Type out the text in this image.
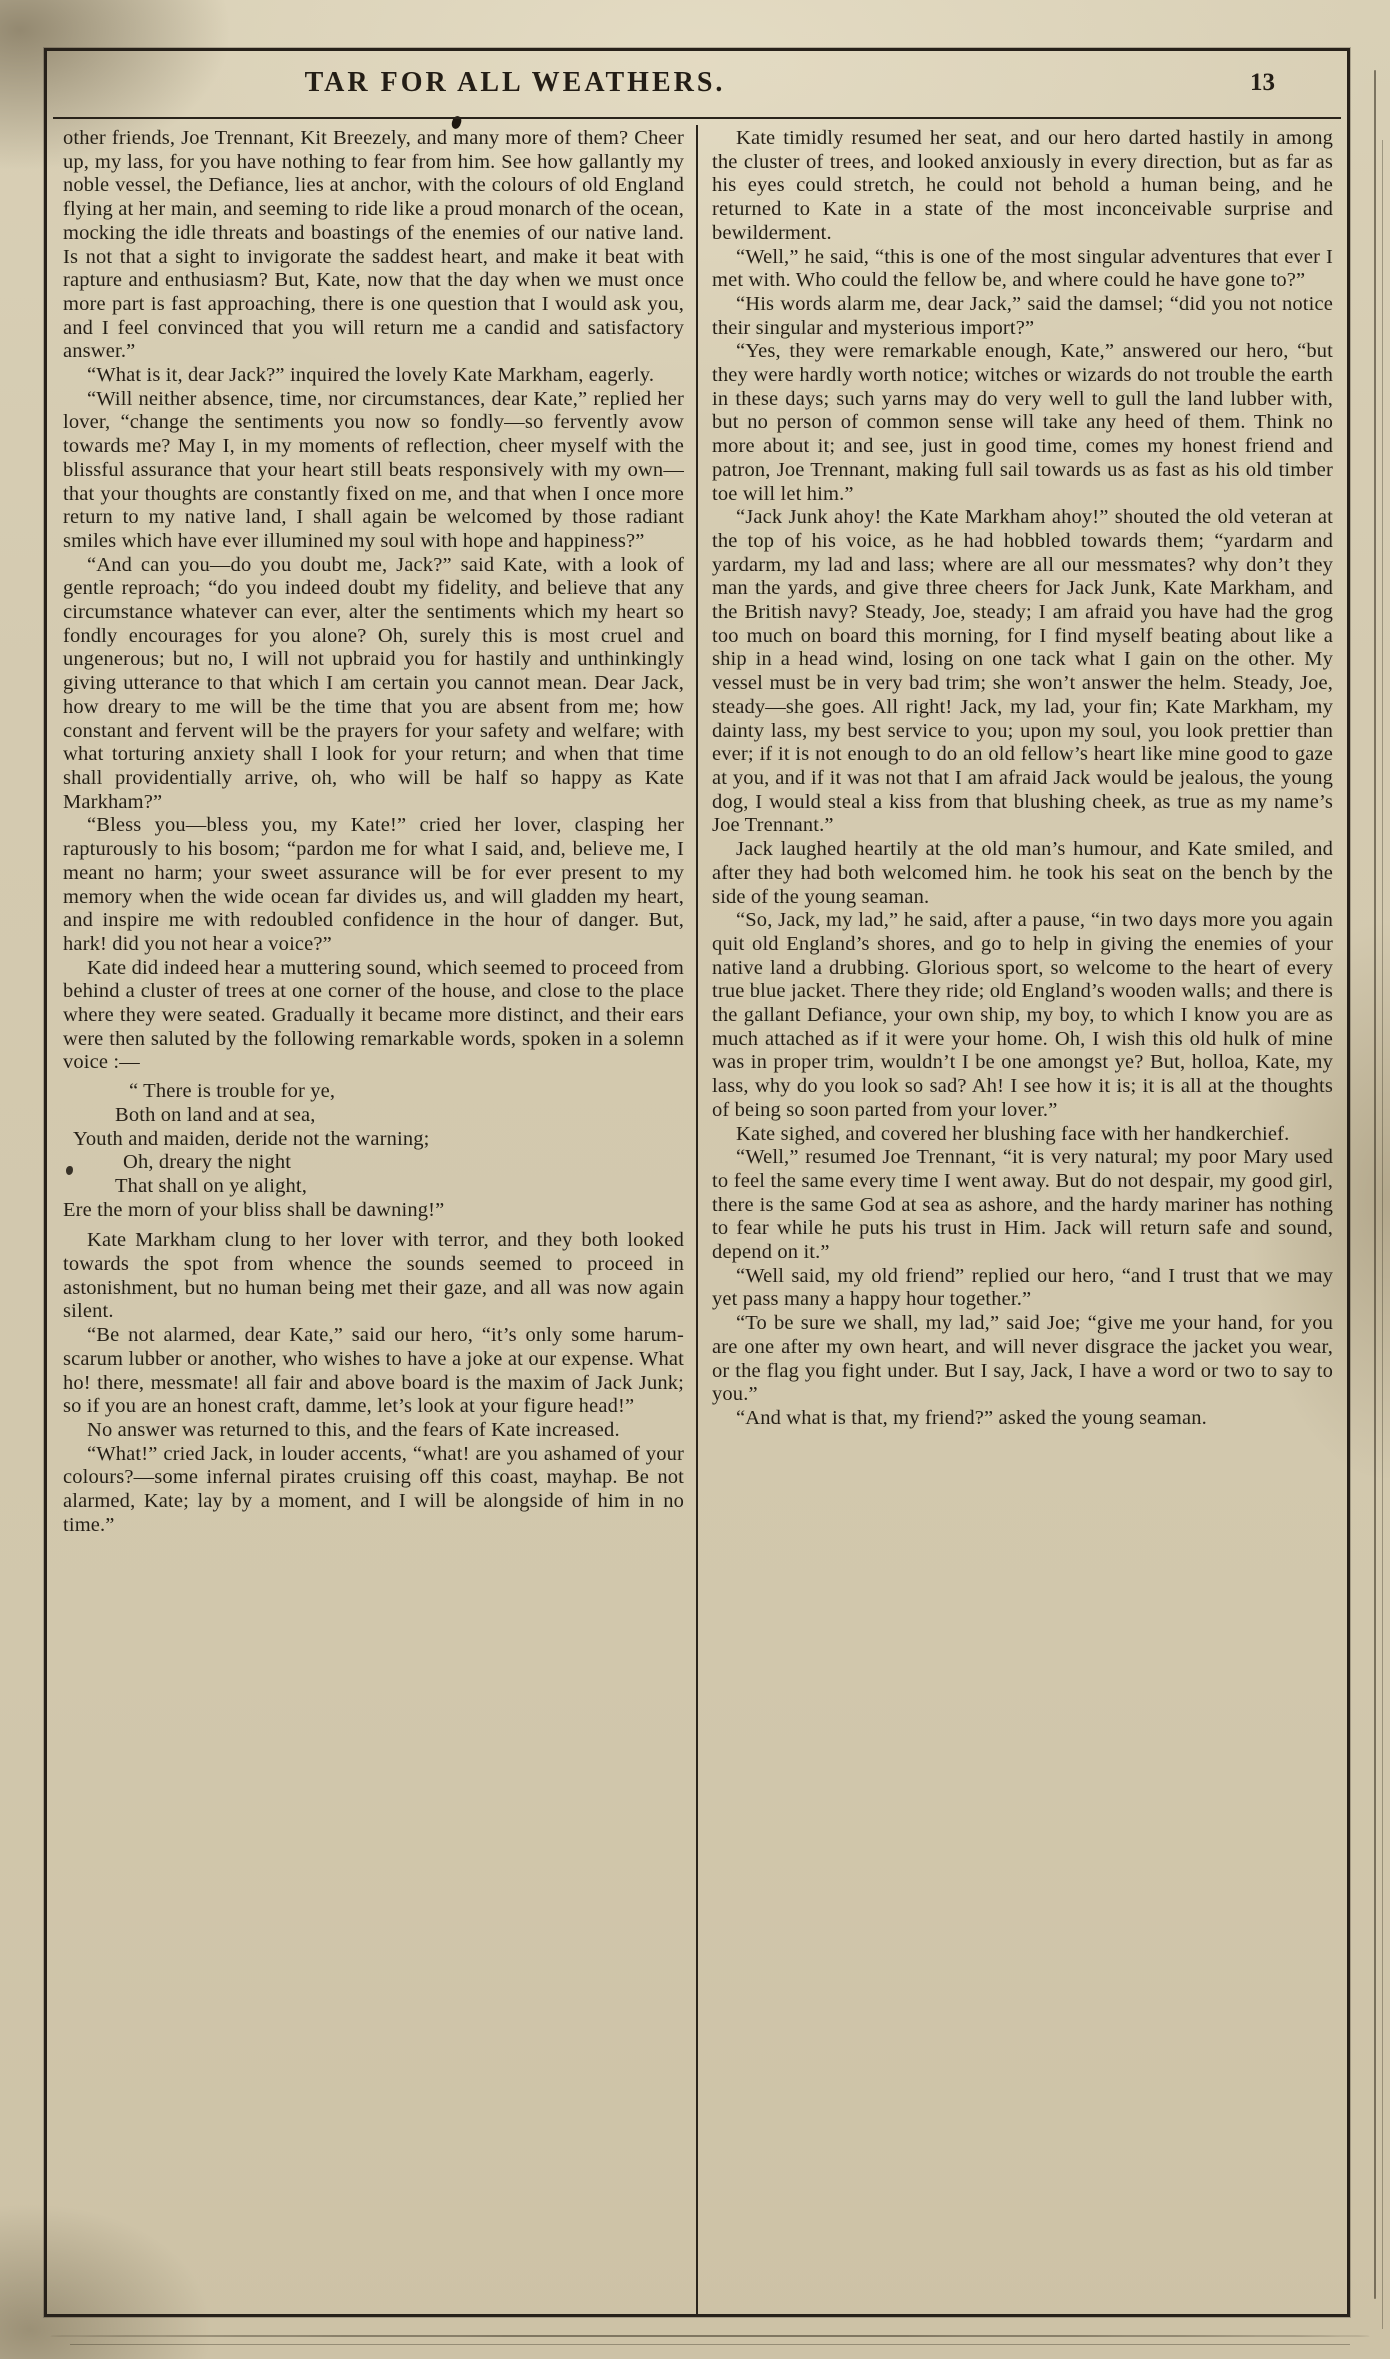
TAR FOR ALL WEATHERS.	13

other friends, Joe Trennant, Kit Breezely, and many more of them? Cheer up, my lass, for you have nothing to fear from him. See how gallantly my noble vessel, the Defiance, lies at anchor, with the colours of old England flying at her main, and seeming to ride like a proud monarch of the ocean, mocking the idle threats and boastings of the enemies of our native land. Is not that a sight to invigorate the saddest heart, and make it beat with rapture and enthusiasm? But, Kate, now that the day when we must once more part is fast approaching, there is one question that I would ask you, and I feel convinced that you will return me a candid and satisfactory answer.”

“What is it, dear Jack?” inquired the lovely Kate Markham, eagerly.

“Will neither absence, time, nor circumstances, dear Kate,” replied her lover, “change the sentiments you now so fondly—so fervently avow towards me? May I, in my moments of reflection, cheer myself with the blissful assurance that your heart still beats responsively with my own—that your thoughts are constantly fixed on me, and that when I once more return to my native land, I shall again be welcomed by those radiant smiles which have ever illumined my soul with hope and happiness?”

“And can you—do you doubt me, Jack?” said Kate, with a look of gentle reproach; “do you indeed doubt my fidelity, and believe that any circumstance whatever can ever, alter the sentiments which my heart so fondly encourages for you alone? Oh, surely this is most cruel and ungenerous; but no, I will not upbraid you for hastily and unthinkingly giving utterance to that which I am certain you cannot mean. Dear Jack, how dreary to me will be the time that you are absent from me; how constant and fervent will be the prayers for your safety and welfare; with what torturing anxiety shall I look for your return; and when that time shall providentially arrive, oh, who will be half so happy as Kate Markham?”

“Bless you—bless you, my Kate!” cried her lover, clasping her rapturously to his bosom; “pardon me for what I said, and, believe me, I meant no harm; your sweet assurance will be for ever present to my memory when the wide ocean far divides us, and will gladden my heart, and inspire me with redoubled confidence in the hour of danger. But, hark! did you not hear a voice?”

Kate did indeed hear a muttering sound, which seemed to proceed from behind a cluster of trees at one corner of the house, and close to the place where they were seated. Gradually it became more distinct, and their ears were then saluted by the following remarkable words, spoken in a solemn voice :—

“ There is trouble for ye,
Both on land and at sea,
Youth and maiden, deride not the warning;
Oh, dreary the night
That shall on ye alight,
Ere the morn of your bliss shall be dawning!”

Kate Markham clung to her lover with terror, and they both looked towards the spot from whence the sounds seemed to proceed in astonishment, but no human being met their gaze, and all was now again silent.

“Be not alarmed, dear Kate,” said our hero, “it’s only some harum-scarum lubber or another, who wishes to have a joke at our expense. What ho! there, messmate! all fair and above board is the maxim of Jack Junk; so if you are an honest craft, damme, let’s look at your figure head!”

No answer was returned to this, and the fears of Kate increased.

“What!” cried Jack, in louder accents, “what! are you ashamed of your colours?—some infernal pirates cruising off this coast, mayhap. Be not alarmed, Kate; lay by a moment, and I will be alongside of him in no time.”

Kate timidly resumed her seat, and our hero darted hastily in among the cluster of trees, and looked anxiously in every direction, but as far as his eyes could stretch, he could not behold a human being, and he returned to Kate in a state of the most inconceivable surprise and bewilderment.

“Well,” he said, “this is one of the most singular adventures that ever I met with. Who could the fellow be, and where could he have gone to?”

“His words alarm me, dear Jack,” said the damsel; “did you not notice their singular and mysterious import?”

“Yes, they were remarkable enough, Kate,” answered our hero, “but they were hardly worth notice; witches or wizards do not trouble the earth in these days; such yarns may do very well to gull the land lubber with, but no person of common sense will take any heed of them. Think no more about it; and see, just in good time, comes my honest friend and patron, Joe Trennant, making full sail towards us as fast as his old timber toe will let him.”

“Jack Junk ahoy! the Kate Markham ahoy!” shouted the old veteran at the top of his voice, as he had hobbled towards them; “yardarm and yardarm, my lad and lass; where are all our messmates? why don’t they man the yards, and give three cheers for Jack Junk, Kate Markham, and the British navy? Steady, Joe, steady; I am afraid you have had the grog too much on board this morning, for I find myself beating about like a ship in a head wind, losing on one tack what I gain on the other. My vessel must be in very bad trim; she won’t answer the helm. Steady, Joe, steady—she goes. All right! Jack, my lad, your fin; Kate Markham, my dainty lass, my best service to you; upon my soul, you look prettier than ever; if it is not enough to do an old fellow’s heart like mine good to gaze at you, and if it was not that I am afraid Jack would be jealous, the young dog, I would steal a kiss from that blushing cheek, as true as my name’s Joe Trennant.”

Jack laughed heartily at the old man’s humour, and Kate smiled, and after they had both welcomed him. he took his seat on the bench by the side of the young seaman.

“So, Jack, my lad,” he said, after a pause, “in two days more you again quit old England’s shores, and go to help in giving the enemies of your native land a drubbing. Glorious sport, so welcome to the heart of every true blue jacket. There they ride; old England’s wooden walls; and there is the gallant Defiance, your own ship, my boy, to which I know you are as much attached as if it were your home. Oh, I wish this old hulk of mine was in proper trim, wouldn’t I be one amongst ye? But, holloa, Kate, my lass, why do you look so sad? Ah! I see how it is; it is all at the thoughts of being so soon parted from your lover.”

Kate sighed, and covered her blushing face with her handkerchief.

“Well,” resumed Joe Trennant, “it is very natural; my poor Mary used to feel the same every time I went away. But do not despair, my good girl, there is the same God at sea as ashore, and the hardy mariner has nothing to fear while he puts his trust in Him. Jack will return safe and sound, depend on it.”

“Well said, my old friend” replied our hero, “and I trust that we may yet pass many a happy hour together.”

“To be sure we shall, my lad,” said Joe; “give me your hand, for you are one after my own heart, and will never disgrace the jacket you wear, or the flag you fight under. But I say, Jack, I have a word or two to say to you.”

“And what is that, my friend?” asked the young seaman.
